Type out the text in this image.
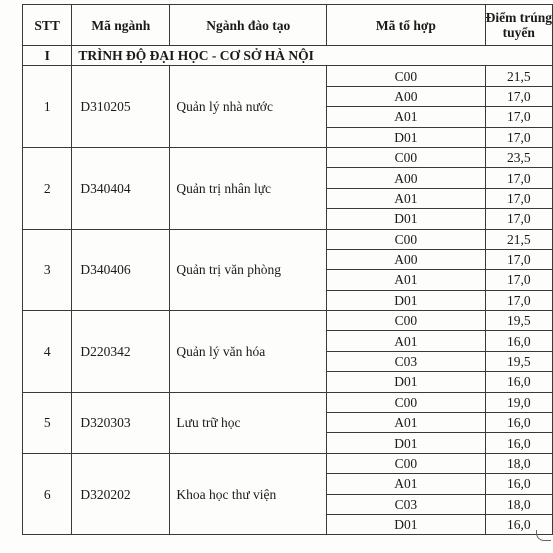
STT	Mã ngành	Ngành đào tạo	Mã tổ hợp	Điểm trúng
tuyển
I	TRÌNH ĐỘ ĐẠI HỌC - CƠ SỞ HÀ NỘI			
1	D310205	Quản lý nhà nước	C00	21,5
			A00	17,0
			A01	17,0
			D01	17,0
2	D340404	Quản trị nhân lực	C00	23,5
			A00	17,0
			A01	17,0
			D01	17,0
3	D340406	Quản trị văn phòng	C00	21,5
			A00	17,0
			A01	17,0
			D01	17,0
4	D220342	Quản lý văn hóa	C00	19,5
			A01	16,0
			C03	19,5
			D01	16,0
5	D320303	Lưu trữ học	C00	19,0
			A01	16,0
			D01	16,0
6	D320202	Khoa học thư viện	C00	18,0
			A01	16,0
			C03	18,0
			D01	16,0
